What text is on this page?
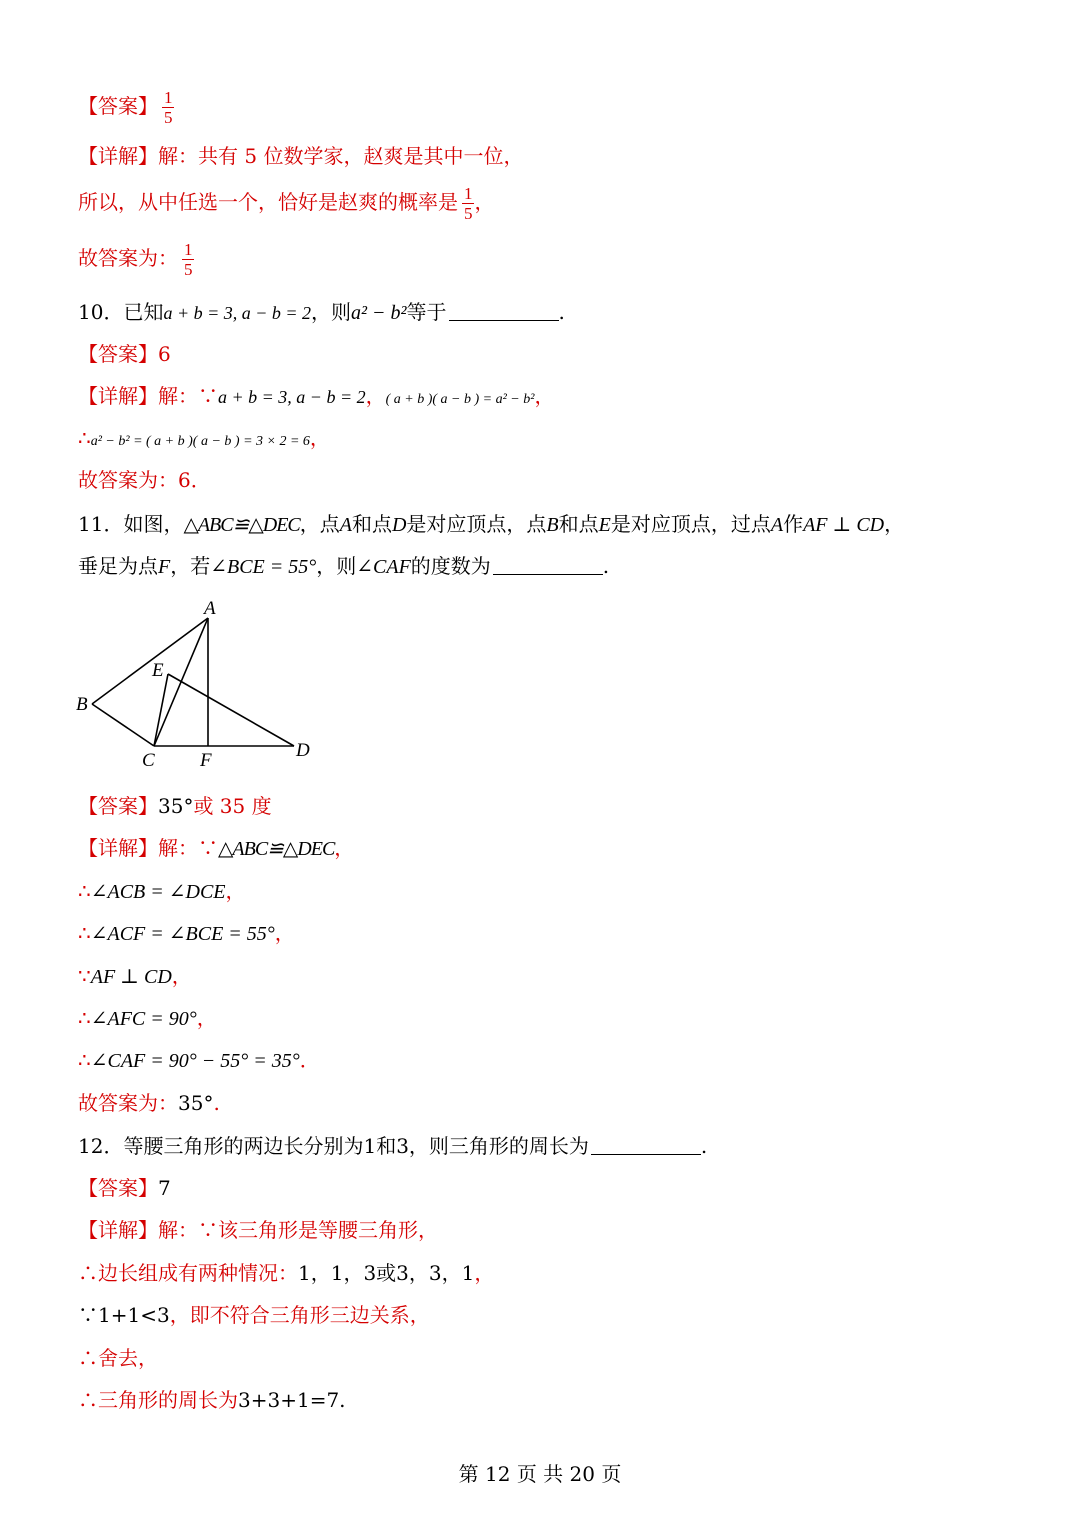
【答案】 $\frac{1}{5}$
【详解】解：共有 5 位数学家，赵爽是其中一位，
所以，从中任选一个，恰好是赵爽的概率是 $\frac{1}{5}$ ，
故答案为： $\frac{1}{5}$
10．已知a + b = 3, a − b = 2，则a² − b²等于	.
【答案】6
【详解】解：∵a + b = 3, a − b = 2，( a + b )( a − b ) = a² − b²，
∴a² − b² = ( a + b )( a − b ) = 3 × 2 = 6，
故答案为：6．
11．如图，△ABC≌△DEC，点A和点D是对应顶点，点B和点E是对应顶点，过点A作AF ⊥ CD，
垂足为点F，若∠BCE = 55°，则∠CAF的度数为	.
A
E
B
C F	D
【答案】35°或 35 度
【详解】解：∵△ABC≌△DEC，
∴∠ACB = ∠DCE，
∴∠ACF = ∠BCE = 55°，
∵AF ⊥ CD，
∴∠AFC = 90°，
∴∠CAF = 90° − 55° = 35°．
故答案为：35°.
12．等腰三角形的两边长分别为1和3，则三角形的周长为	.
【答案】7
【详解】解：∵该三角形是等腰三角形，
∴边长组成有两种情况：1，1，3或3，3，1，
∵1+1<3，即不符合三角形三边关系，
∴舍去，
∴三角形的周长为3+3+1=7.
第 12 页 共 20 页
